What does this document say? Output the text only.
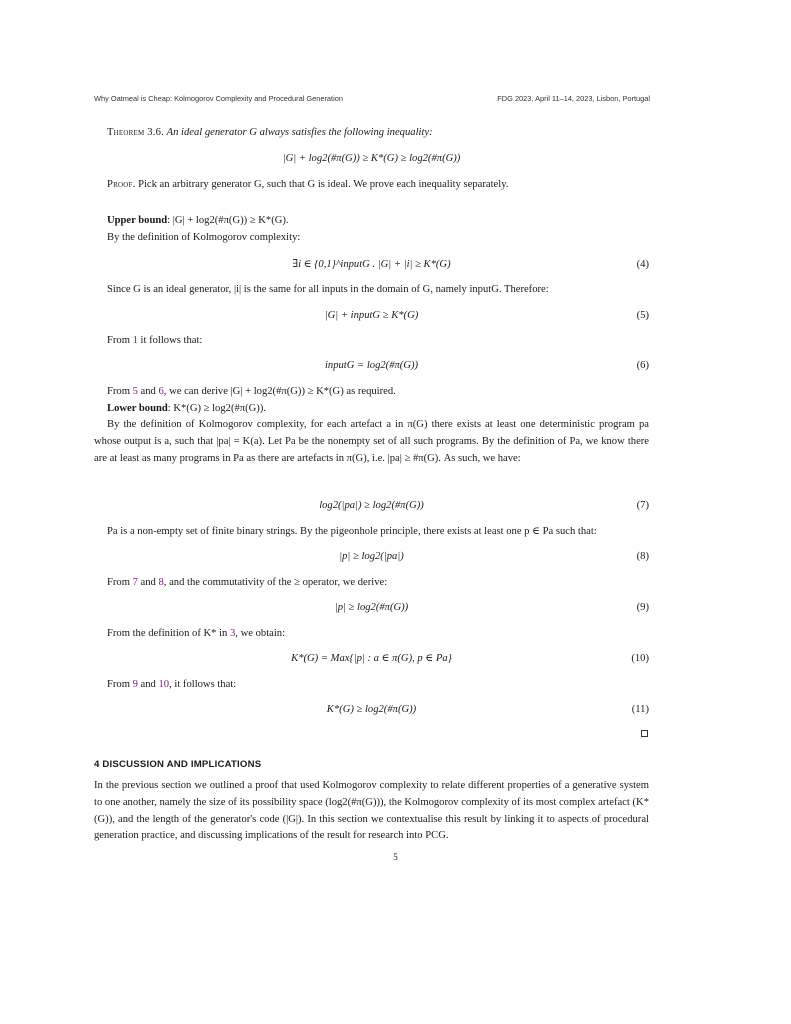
Why Oatmeal is Cheap: Kolmogorov Complexity and Procedural Generation	FDG 2023, April 11–14, 2023, Lisbon, Portugal
Theorem 3.6. An ideal generator G always satisfies the following inequality:
|G| + log2(#π(G)) ≥ K*(G) ≥ log2(#π(G))
Proof. Pick an arbitrary generator G, such that G is ideal. We prove each inequality separately.
Upper bound: |G| + log2(#π(G)) ≥ K*(G).
By the definition of Kolmogorov complexity:
∃i ∈ {0,1}^inputG . |G| + |i| ≥ K*(G)	(4)
Since G is an ideal generator, |i| is the same for all inputs in the domain of G, namely inputG. Therefore:
|G| + inputG ≥ K*(G)	(5)
From 1 it follows that:
inputG = log2(#π(G))	(6)
From 5 and 6, we can derive |G| + log2(#π(G)) ≥ K*(G) as required.
Lower bound: K*(G) ≥ log2(#π(G)).
By the definition of Kolmogorov complexity, for each artefact a in π(G) there exists at least one deterministic program pa whose output is a, such that |pa| = K(a). Let Pa be the nonempty set of all such programs. By the definition of Pa, we know there are at least as many programs in Pa as there are artefacts in π(G), i.e. |pa| ≥ #π(G). As such, we have:
log2(|pa|) ≥ log2(#π(G))	(7)
Pa is a non-empty set of finite binary strings. By the pigeonhole principle, there exists at least one p ∈ Pa such that:
|p| ≥ log2(|pa|)	(8)
From 7 and 8, and the commutativity of the ≥ operator, we derive:
|p| ≥ log2(#π(G))	(9)
From the definition of K* in 3, we obtain:
K*(G) = Max{|p| : a ∈ π(G), p ∈ Pa}	(10)
From 9 and 10, it follows that:
K*(G) ≥ log2(#π(G))	(11)
4 DISCUSSION AND IMPLICATIONS
In the previous section we outlined a proof that used Kolmogorov complexity to relate different properties of a generative system to one another, namely the size of its possibility space (log2(#π(G))), the Kolmogorov complexity of its most complex artefact (K*(G)), and the length of the generator's code (|G|). In this section we contextualise this result by linking it to aspects of procedural generation practice, and discussing implications of the result for research into PCG.
5
